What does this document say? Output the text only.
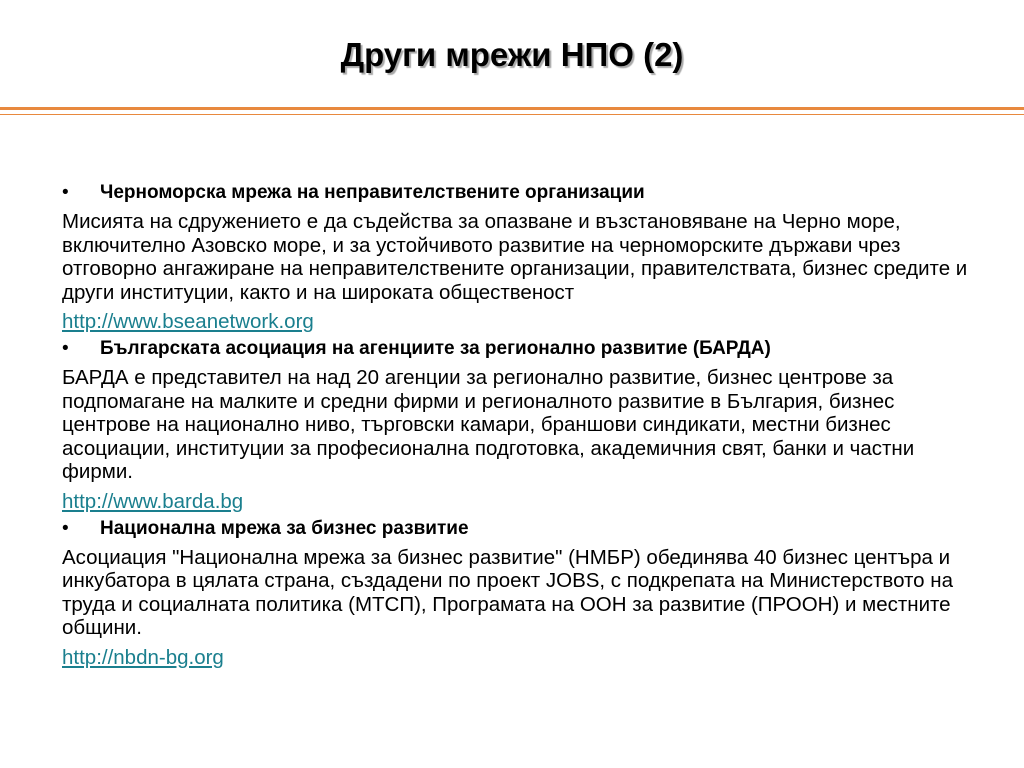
Други мрежи НПО (2)
• Черноморска мрежа на неправителствените организации
Мисията на сдружението е да съдейства за опазване и възстановяване на Черно море, включително Азовско море, и за устойчивото развитие на черноморските държави чрез отговорно ангажиране на неправителствените организации, правителствата, бизнес средите и други институции, както и на широката общественост
http://www.bseanetwork.org
• Българската асоциация на агенциите за регионално развитие (БАРДА)
БАРДА е представител на над 20 агенции за регионално развитие, бизнес центрове за подпомагане на малките и средни фирми и регионалното развитие в България, бизнес центрове на национално ниво, търговски камари, браншови синдикати, местни бизнес асоциации, институции за професионална подготовка, академичния свят, банки и частни фирми.
http://www.barda.bg
• Национална мрежа за бизнес развитие
Асоциация "Национална мрежа за бизнес развитие" (НМБР) обединява 40 бизнес центъра и инкубатора в цялата страна, създадени по проект JOBS, с подкрепата на Министерството на труда и социалната политика (МТСП), Програмата на ООН за развитие (ПРООН) и местните общини.
http://nbdn-bg.org
